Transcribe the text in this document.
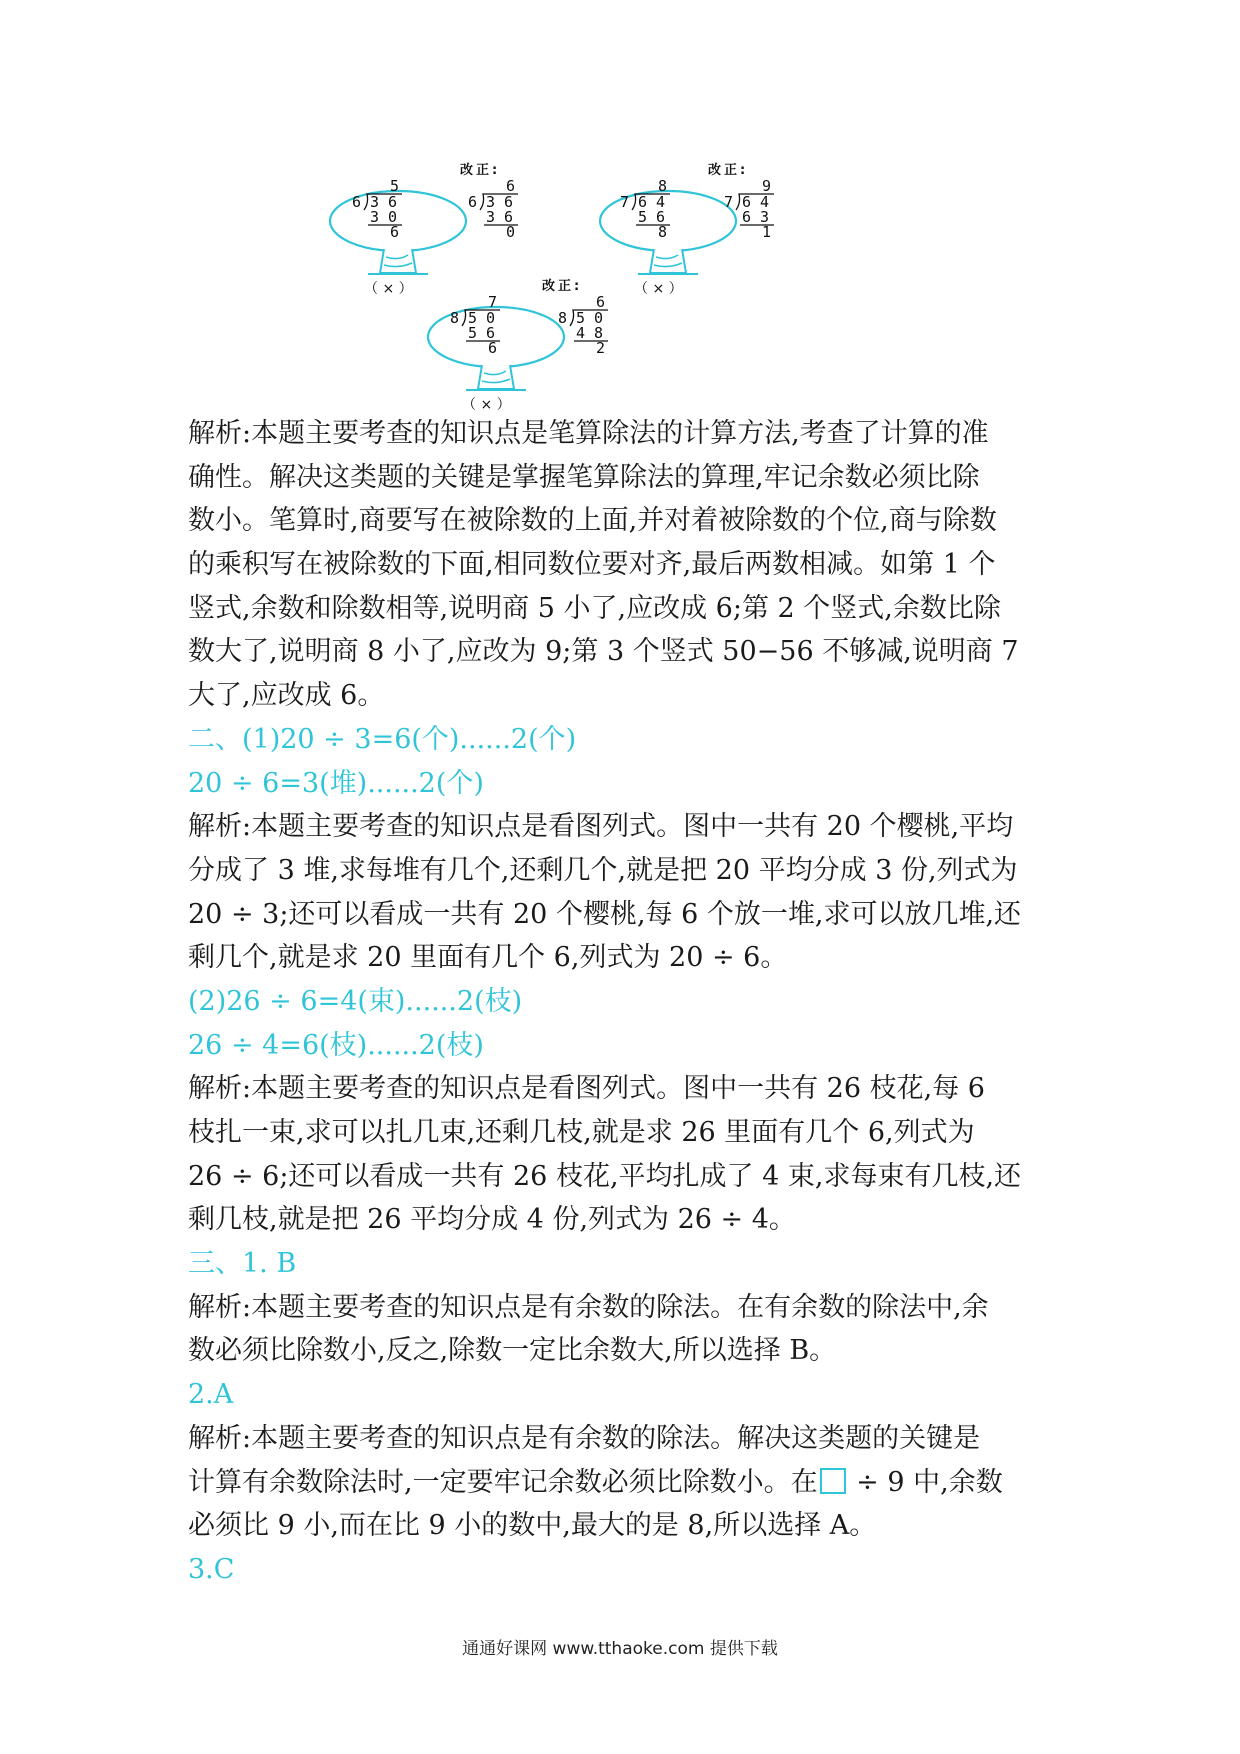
（ × ）
5
6 3 6
3 0
6
改正:
6
6 3 6
3 6
0
（ × ）
8
7 6 4
5 6
8
改正:
9
7 6 4
6 3
1
（ × ）
7
8 5 0
5 6
6
改正:
6
8 5 0
4 8
2
解析:本题主要考查的知识点是笔算除法的计算方法,考查了计算的准
确性。解决这类题的关键是掌握笔算除法的算理,牢记余数必须比除
数小。笔算时,商要写在被除数的上面,并对着被除数的个位,商与除数
的乘积写在被除数的下面,相同数位要对齐,最后两数相减。如第 1 个
竖式,余数和除数相等,说明商 5 小了,应改成 6;第 2 个竖式,余数比除
数大了,说明商 8 小了,应改为 9;第 3 个竖式 50−56 不够减,说明商 7
大了,应改成 6。
二、(1)20 ÷ 3=6(个)......2(个)
20 ÷ 6=3(堆)......2(个)
解析:本题主要考查的知识点是看图列式。图中一共有 20 个樱桃,平均
分成了 3 堆,求每堆有几个,还剩几个,就是把 20 平均分成 3 份,列式为
20 ÷ 3;还可以看成一共有 20 个樱桃,每 6 个放一堆,求可以放几堆,还
剩几个,就是求 20 里面有几个 6,列式为 20 ÷ 6。
(2)26 ÷ 6=4(束)......2(枝)
26 ÷ 4=6(枝)......2(枝)
解析:本题主要考查的知识点是看图列式。图中一共有 26 枝花,每 6
枝扎一束,求可以扎几束,还剩几枝,就是求 26 里面有几个 6,列式为
26 ÷ 6;还可以看成一共有 26 枝花,平均扎成了 4 束,求每束有几枝,还
剩几枝,就是把 26 平均分成 4 份,列式为 26 ÷ 4。
三、1. B
解析:本题主要考查的知识点是有余数的除法。在有余数的除法中,余
数必须比除数小,反之,除数一定比余数大,所以选择 B。
2.A
解析:本题主要考查的知识点是有余数的除法。解决这类题的关键是
计算有余数除法时,一定要牢记余数必须比除数小。在 ÷ 9 中,余数
必须比 9 小,而在比 9 小的数中,最大的是 8,所以选择 A。
3.C
通通好课网 www.tthaoke.com 提供下载
